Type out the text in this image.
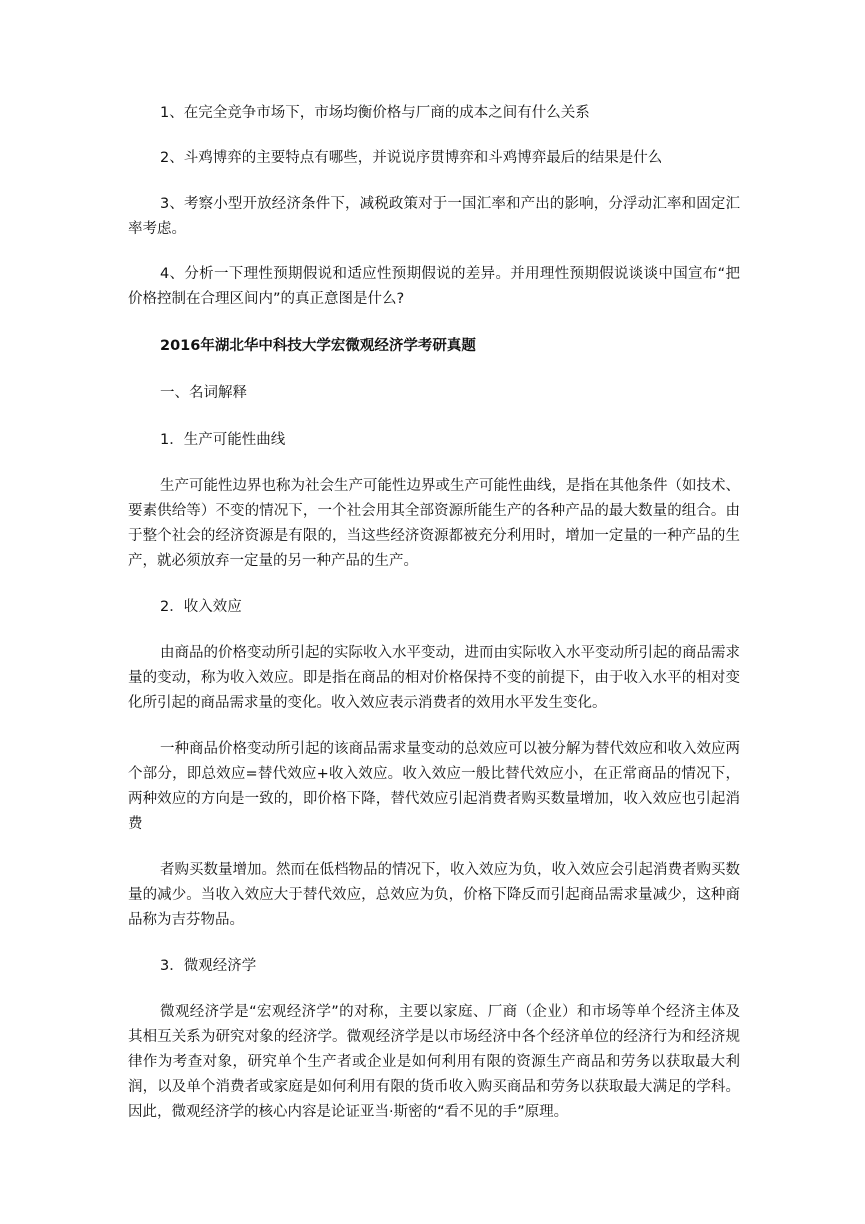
1、在完全竞争市场下，市场均衡价格与厂商的成本之间有什么关系

2、斗鸡博弈的主要特点有哪些，并说说序贯博弈和斗鸡博弈最后的结果是什么

3、考察小型开放经济条件下，减税政策对于一国汇率和产出的影响，分浮动汇率和固定汇率考虑。

4、分析一下理性预期假说和适应性预期假说的差异。并用理性预期假说谈谈中国宣布“把价格控制在合理区间内”的真正意图是什么?

2016年湖北华中科技大学宏微观经济学考研真题

一、名词解释

1．生产可能性曲线

生产可能性边界也称为社会生产可能性边界或生产可能性曲线，是指在其他条件（如技术、要素供给等）不变的情况下，一个社会用其全部资源所能生产的各种产品的最大数量的组合。由于整个社会的经济资源是有限的，当这些经济资源都被充分利用时，增加一定量的一种产品的生产，就必须放弃一定量的另一种产品的生产。

2．收入效应

由商品的价格变动所引起的实际收入水平变动，进而由实际收入水平变动所引起的商品需求量的变动，称为收入效应。即是指在商品的相对价格保持不变的前提下，由于收入水平的相对变化所引起的商品需求量的变化。收入效应表示消费者的效用水平发生变化。

一种商品价格变动所引起的该商品需求量变动的总效应可以被分解为替代效应和收入效应两个部分，即总效应=替代效应+收入效应。收入效应一般比替代效应小，在正常商品的情况下，两种效应的方向是一致的，即价格下降，替代效应引起消费者购买数量增加，收入效应也引起消费

者购买数量增加。然而在低档物品的情况下，收入效应为负，收入效应会引起消费者购买数量的减少。当收入效应大于替代效应，总效应为负，价格下降反而引起商品需求量减少，这种商品称为吉芬物品。

3．微观经济学

微观经济学是“宏观经济学”的对称，主要以家庭、厂商（企业）和市场等单个经济主体及其相互关系为研究对象的经济学。微观经济学是以市场经济中各个经济单位的经济行为和经济规律作为考查对象，研究单个生产者或企业是如何利用有限的资源生产商品和劳务以获取最大利润，以及单个消费者或家庭是如何利用有限的货币收入购买商品和劳务以获取最大满足的学科。因此，微观经济学的核心内容是论证亚当·斯密的“看不见的手”原理。
